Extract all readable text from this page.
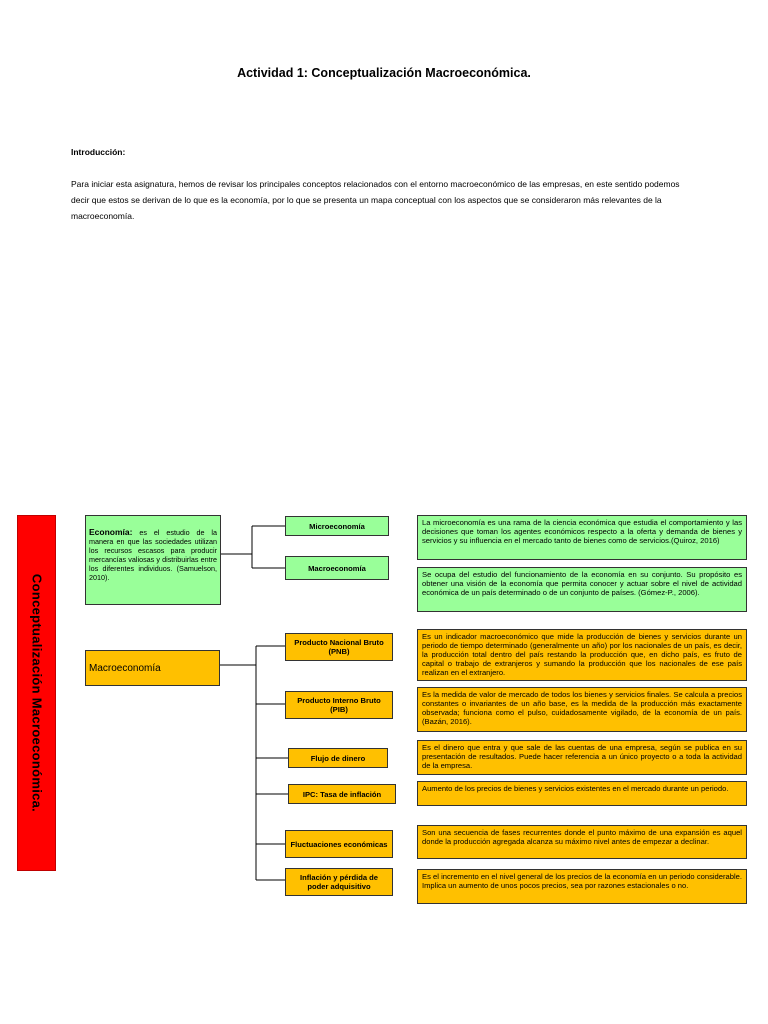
Actividad 1: Conceptualización Macroeconómica.
Introducción:
Para iniciar esta asignatura, hemos de revisar los principales conceptos relacionados con el entorno macroeconómico de las empresas, en este sentido podemos decir que estos se derivan de lo que es la economía, por lo que se presenta un mapa conceptual con los aspectos que se consideraron más relevantes de la macroeconomía.
Conceptualización Macroeconómica.
Economía: es el estudio de la manera en que las sociedades utilizan los recursos escasos para producir mercancías valiosas y distribuirlas entre los diferentes individuos. (Samuelson, 2010).
Microeconomía
Macroeconomía
La microeconomía es una rama de la ciencia económica que estudia el comportamiento y las decisiones que toman los agentes económicos respecto a la oferta y demanda de bienes y servicios y su influencia en el mercado tanto de bienes como de servicios.(Quiroz, 2016)
Se ocupa del estudio del funcionamiento de la economía en su conjunto. Su propósito es obtener una visión de la economía que permita conocer y actuar sobre el nivel de actividad económica de un país determinado o de un conjunto de países. (Gómez-P., 2006).
Macroeconomía
Producto Nacional Bruto (PNB)
Producto Interno Bruto (PIB)
Flujo de dinero
IPC: Tasa de inflación
Fluctuaciones económicas
Inflación y pérdida de poder adquisitivo
Es un indicador macroeconómico que mide la producción de bienes y servicios durante un periodo de tiempo determinado (generalmente un año) por los nacionales de un país, es decir, la producción total dentro del país restando la producción que, en dicho país, es fruto de capital o trabajo de extranjeros y sumando la producción que los nacionales de ese país realizan en el extranjero.
Es la medida de valor de mercado de todos los bienes y servicios finales. Se calcula a precios constantes o invariantes de un año base, es la medida de la producción más exactamente observada; funciona como el pulso, cuidadosamente vigilado, de la economía de un país. (Bazán, 2016).
Es el dinero que entra y que sale de las cuentas de una empresa, según se publica en su presentación de resultados. Puede hacer referencia a un único proyecto o a toda la actividad de la empresa.
Aumento de los precios de bienes y servicios existentes en el mercado durante un periodo.
Son una secuencia de fases recurrentes donde el punto máximo de una expansión es aquel donde la producción agregada alcanza su máximo nivel antes de empezar a declinar.
Es el incremento en el nivel general de los precios de la economía en un periodo considerable. Implica un aumento de unos pocos precios, sea por razones estacionales o no.
